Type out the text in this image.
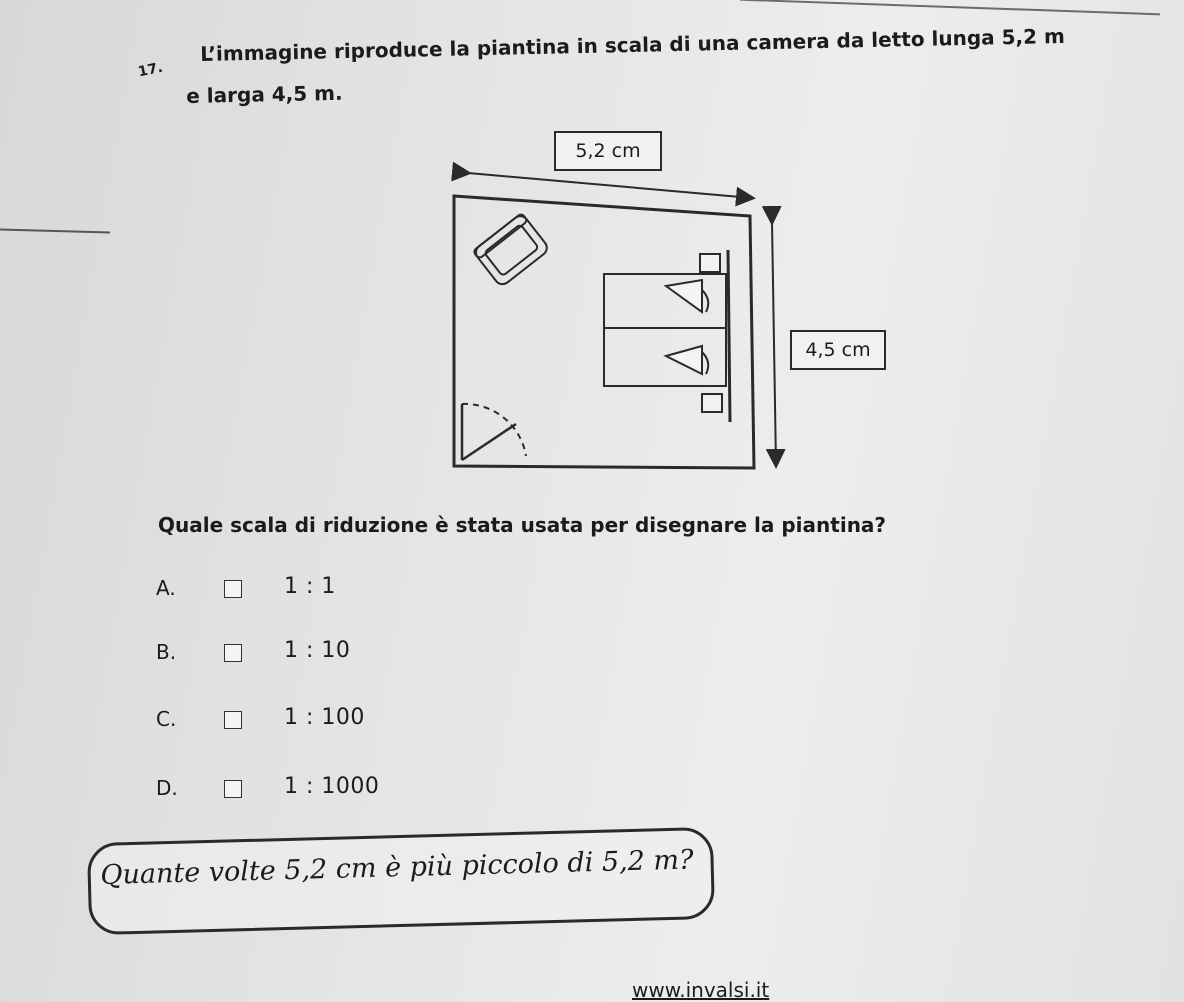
17.
L’immagine riproduce la piantina in scala di una camera da letto lunga 5,2 m
e larga 4,5 m.
5,2 cm
4,5 cm
Quale scala di riduzione è stata usata per disegnare la piantina?
A.	1 : 1
B.	1 : 10
C.	1 : 100
D.	1 : 1000
Quante volte 5,2 cm è più piccolo di 5,2 m?
www.invalsi.it
